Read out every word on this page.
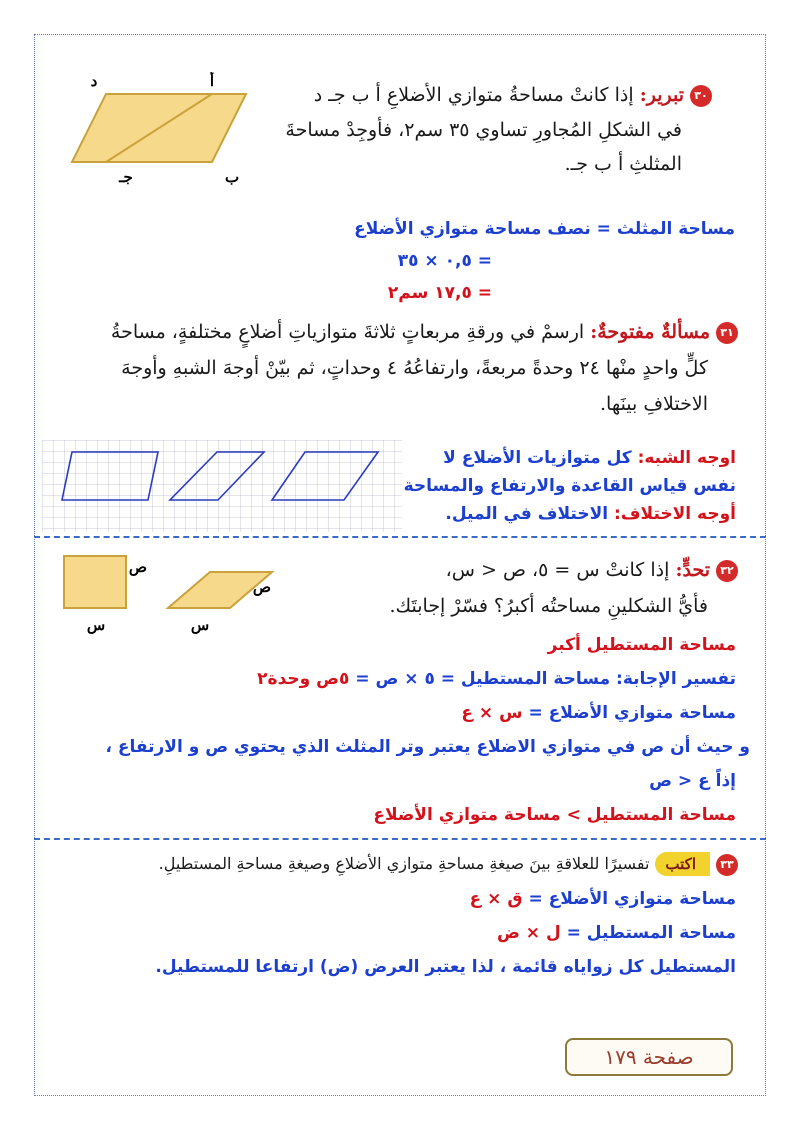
٣٠تبرير: إذا كانتْ مساحةُ متوازي الأضلاعِ أ ب جـ د
في الشكلِ المُجاورِ تساوي ٣٥ سم٢، فأوجِدْ مساحةَ
المثلثِ أ ب جـ.
أ
د
جـ	ب
مساحة المثلث = نصف مساحة متوازي الأضلاع
= ٠,٥ × ٣٥
= ١٧,٥ سم٢
٣١مسألةٌ مفتوحةٌ: ارسمْ في ورقةِ مربعاتٍ ثلاثةَ متوازياتِ أضلاعٍ مختلفةٍ، مساحةُ
كلٍّ واحدٍ منْها ٢٤ وحدةً مربعةً، وارتفاعُهُ ٤ وحداتٍ، ثم بيّنْ أوجهَ الشبهِ وأوجهَ
الاختلافِ بينَها.
اوجه الشبه: كل متوازيات الأضلاع لا
نفس قياس القاعدة والارتفاع والمساحة
أوجه الاختلاف: الاختلاف في الميل.
٣٢تحدٍّ: إذا كانتْ س = ٥، ص < س،
فأيُّ الشكلينِ مساحتُه أكبرُ؟ فسّرْ إجابتَك.
ص
س
ص
س
مساحة المستطيل أكبر
تفسير الإجابة: مساحة المستطيل = ٥ × ص = ٥ص وحدة٢
مساحة متوازي الأضلاع = س × ع
و حيث أن ص في متوازي الاضلاع يعتبر وتر المثلث الذي يحتوي ص و الارتفاع ،
إذاً ع < ص
مساحة المستطيل > مساحة متوازي الأضلاع
٣٣اكتبتفسيرًا للعلاقةِ بينَ صيغةِ مساحةِ متوازي الأضلاعِ وصيغةِ مساحةِ المستطيلِ.
مساحة متوازي الأضلاع = ق × ع
مساحة المستطيل = ل × ض
المستطيل كل زواياه قائمة ، لذا يعتبر العرض (ض) ارتفاعا للمستطيل.
صفحة ١٧٩
